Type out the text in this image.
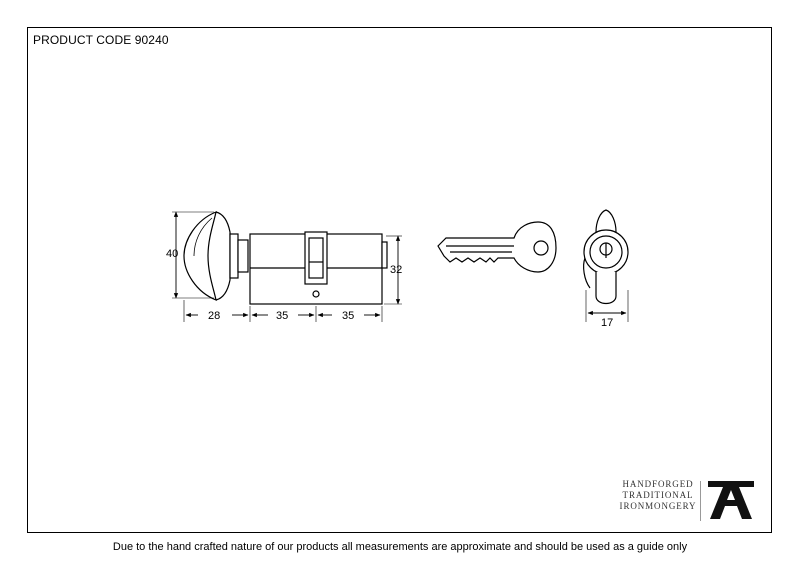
PRODUCT CODE 90240
40
32
28	35	35
17
HANDFORGED
TRADITIONAL
IRONMONGERY
Due to the hand crafted nature of our products all measurements are approximate and should be used as a guide only
